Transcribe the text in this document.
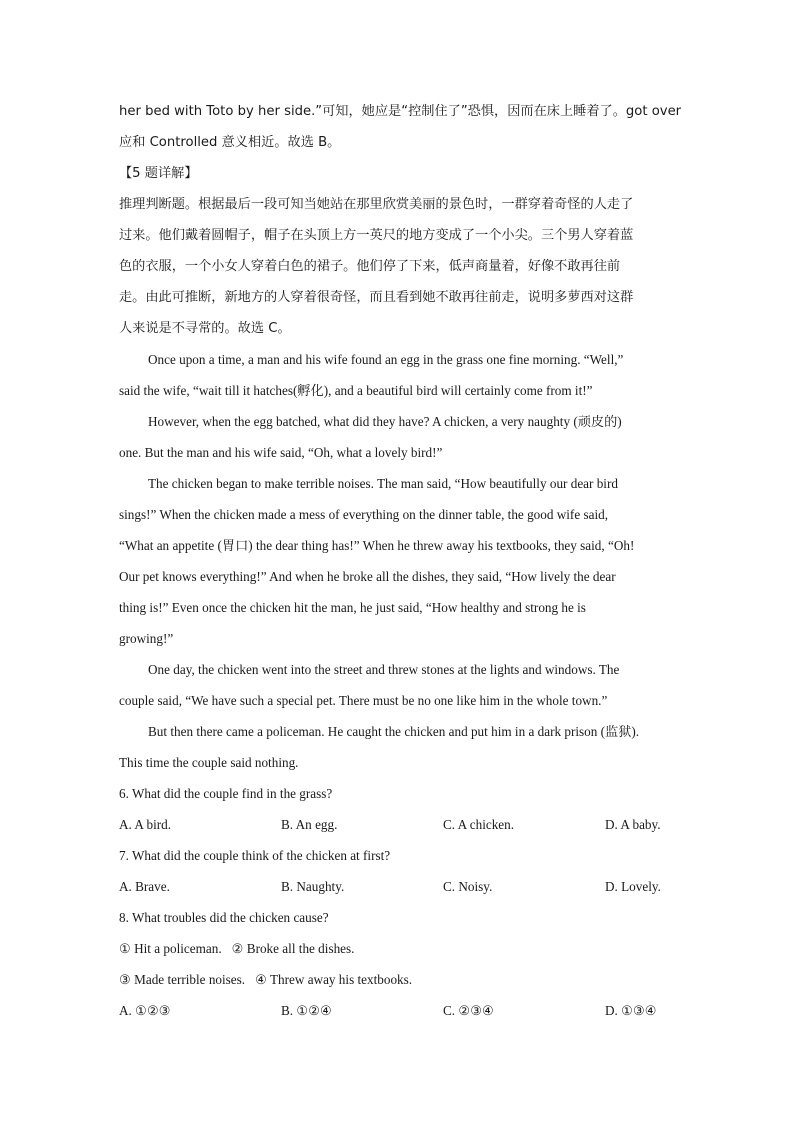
her bed with Toto by her side.”可知，她应是“控制住了”恐惧，因而在床上睡着了。got over
应和 Controlled 意义相近。故选 B。
【5 题详解】
推理判断题。根据最后一段可知当她站在那里欣赏美丽的景色时，一群穿着奇怪的人走了
过来。他们戴着圆帽子，帽子在头顶上方一英尺的地方变成了一个小尖。三个男人穿着蓝
色的衣服，一个小女人穿着白色的裙子。他们停了下来，低声商量着，好像不敢再往前
走。由此可推断，新地方的人穿着很奇怪，而且看到她不敢再往前走，说明多萝西对这群
人来说是不寻常的。故选 C。
Once upon a time, a man and his wife found an egg in the grass one fine morning. “Well,”
said the wife, “wait till it hatches(孵化), and a beautiful bird will certainly come from it!”
However, when the egg batched, what did they have? A chicken, a very naughty (顽皮的)
one. But the man and his wife said, “Oh, what a lovely bird!”
The chicken began to make terrible noises. The man said, “How beautifully our dear bird
sings!” When the chicken made a mess of everything on the dinner table, the good wife said,
“What an appetite (胃口) the dear thing has!” When he threw away his textbooks, they said, “Oh!
Our pet knows everything!” And when he broke all the dishes, they said, “How lively the dear
thing is!” Even once the chicken hit the man, he just said, “How healthy and strong he is
growing!”
One day, the chicken went into the street and threw stones at the lights and windows. The
couple said, “We have such a special pet. There must be no one like him in the whole town.”
But then there came a policeman. He caught the chicken and put him in a dark prison (监狱).
This time the couple said nothing.
6. What did the couple find in the grass?
A. A bird.	B. An egg.	C. A chicken.	D. A baby.
7. What did the couple think of the chicken at first?
A. Brave.	B. Naughty.	C. Noisy.	D. Lovely.
8. What troubles did the chicken cause?
① Hit a policeman. ② Broke all the dishes.
③ Made terrible noises. ④ Threw away his textbooks.
A. ①②③	B. ①②④	C. ②③④	D. ①③④
